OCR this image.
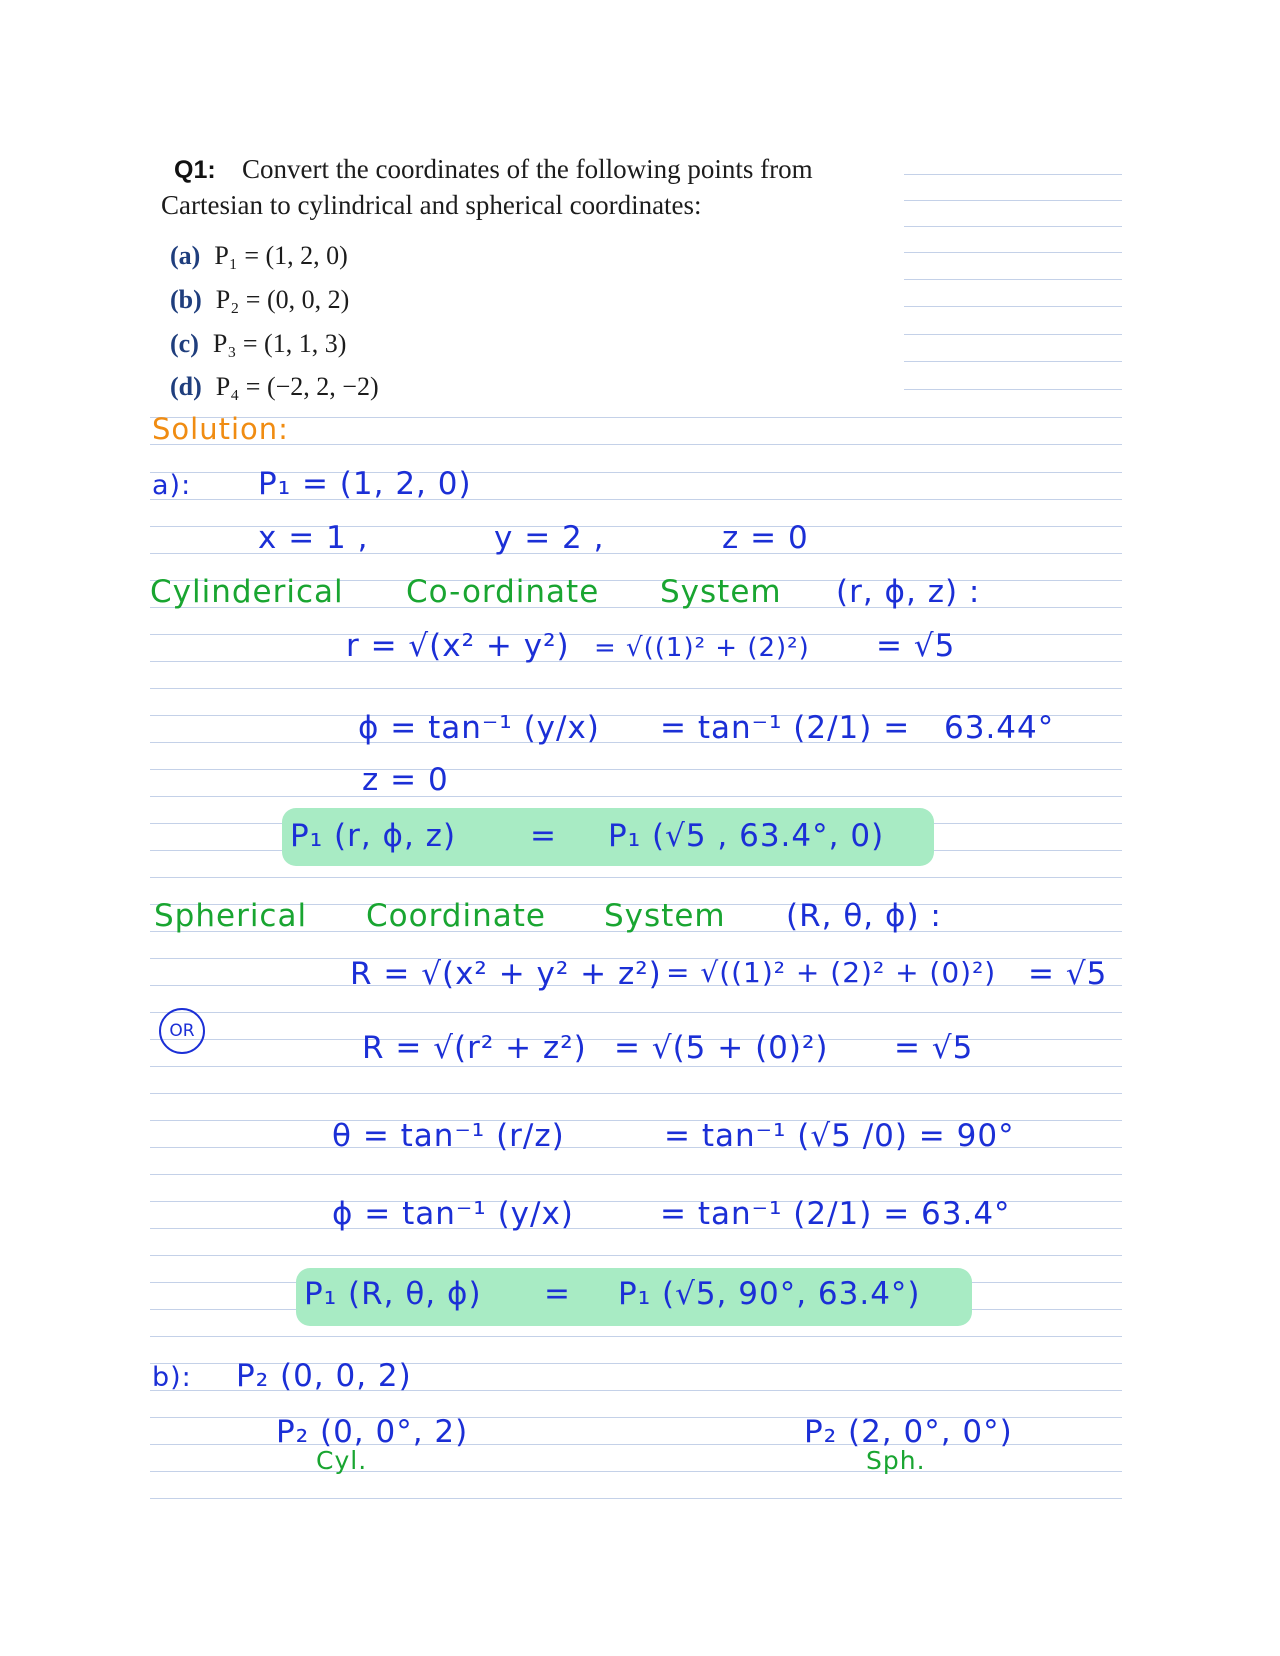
Q1: Convert the coordinates of the following points from
Cartesian to cylindrical and spherical coordinates:
(a) P₁ = (1, 2, 0)
(b) P₂ = (0, 0, 2)
(c) P₃ = (1, 1, 3)
(d) P₄ = (−2, 2, −2)
Solution:
a): P₁ = (1, 2, 0)
x = 1 ,	y = 2 ,	z = 0
Cylinderical Co-ordinate System (r, ϕ, z) :
r = √(x² + y²) = √((1)² + (2)²) = √5
ϕ = tan⁻¹ (y/x) = tan⁻¹ (2/1) = 63.44°
z = 0
P₁ (r, ϕ, z) = P₁ (√5 , 63.4°, 0)
Spherical Coordinate System (R, θ, ϕ) :
R = √(x² + y² + z²) = √((1)² + (2)² + (0)²) = √5
OR	R = √(r² + z²) = √(5 + (0)²) = √5
θ = tan⁻¹ (r/z)	= tan⁻¹ (√5 /0) = 90°
ϕ = tan⁻¹ (y/x)	= tan⁻¹ (2/1) = 63.4°
P₁ (R, θ, ϕ) = P₁ (√5, 90°, 63.4°)
b): P₂ (0, 0, 2)
P₂ (0, 0°, 2)
Cyl.
P₂ (2, 0°, 0°)
Sph.
